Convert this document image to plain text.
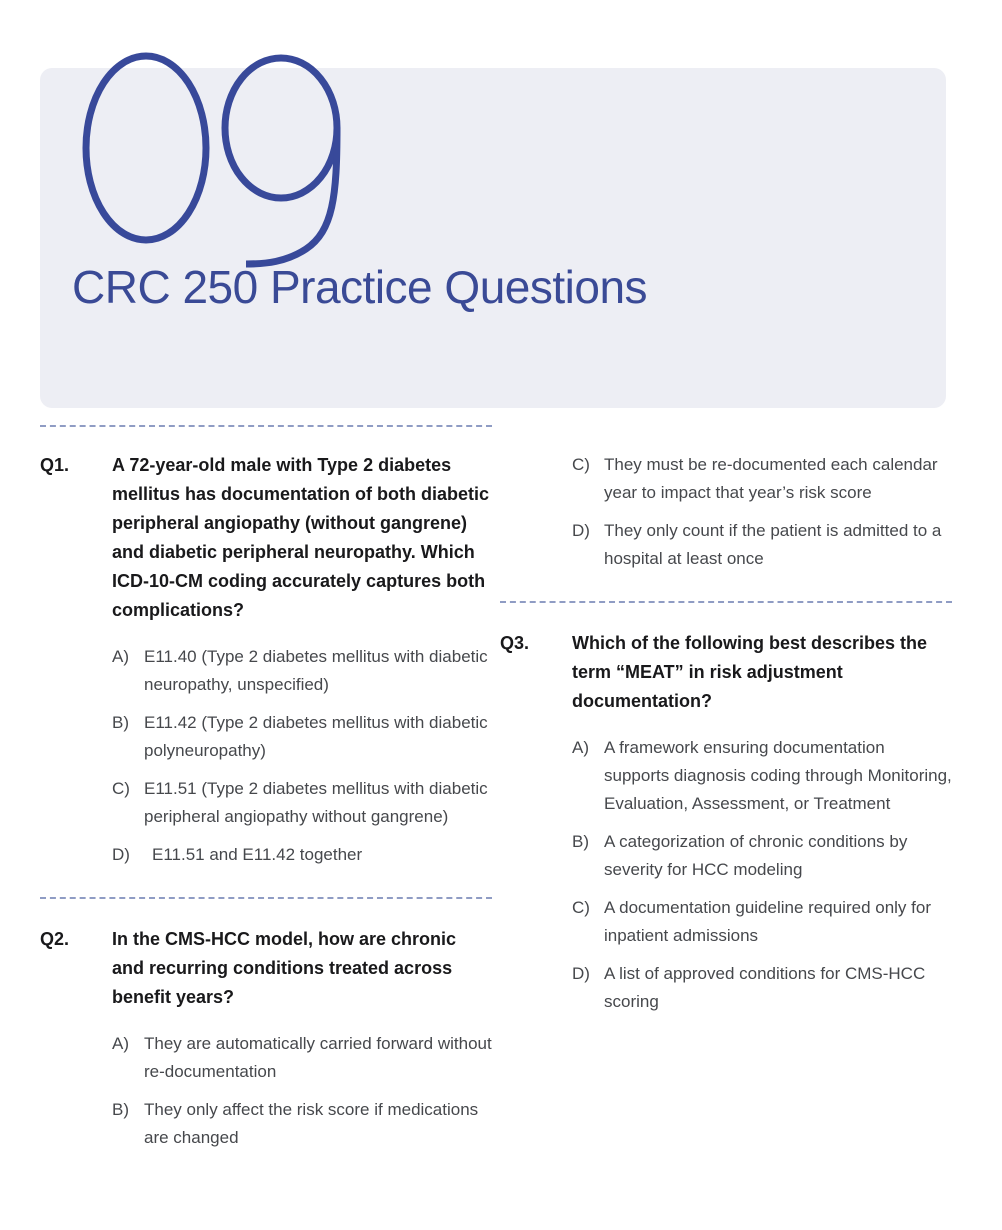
CRC 250 Practice Questions
Q1.	A 72-year-old male with Type 2 diabetes mellitus has documentation of both diabetic peripheral angiopathy (without gangrene) and diabetic peripheral neuropathy. Which ICD-10-CM coding accurately captures both complications?
A) E11.40 (Type 2 diabetes mellitus with diabetic neuropathy, unspecified)
B) E11.42 (Type 2 diabetes mellitus with diabetic polyneuropathy)
C) E11.51 (Type 2 diabetes mellitus with diabetic peripheral angiopathy without gangrene)
D)	E11.51 and E11.42 together
Q2.	In the CMS-HCC model, how are chronic and recurring conditions treated across benefit years?
A) They are automatically carried forward without re-documentation
B) They only affect the risk score if medications are changed
C) They must be re-documented each calendar year to impact that year’s risk score
D) They only count if the patient is admitted to a hospital at least once
Q3.	Which of the following best describes the term “MEAT” in risk adjustment documentation?
A) A framework ensuring documentation supports diagnosis coding through Monitoring, Evaluation, Assessment, or Treatment
B) A categorization of chronic conditions by severity for HCC modeling
C) A documentation guideline required only for inpatient admissions
D) A list of approved conditions for CMS-HCC scoring
